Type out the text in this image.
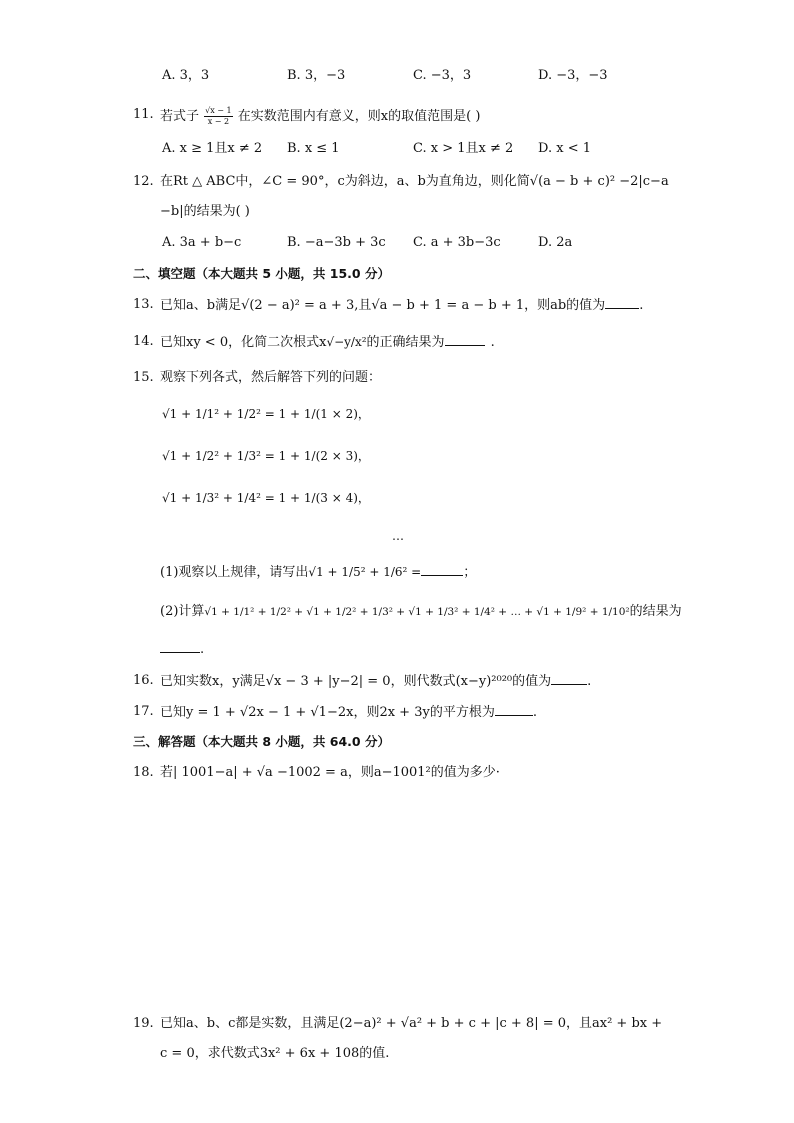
A. 3，3	B. 3，−3	C. −3，3	D. −3，−3
11. 若式子 $\frac{√x - 1}{x - 2}$ 在实数范围内有意义，则x的取值范围是( )
A. x ≥ 1且x ≠ 2 B. x ≤ 1	C. x > 1且x ≠ 2 D. x < 1
12. 在Rt △ ABC中，∠C = 90°，c为斜边，a、b为直角边，则化简√(a − b + c)² −2|c−a
−b|的结果为( )
A. 3a + b−c	B. −a−3b + 3c C. a + 3b−3c	D. 2a
二、填空题（本大题共 5 小题，共 15.0 分）
13. 已知a、b满足√(2 − a)² = a + 3,且√a − b + 1 = a − b + 1，则ab的值为	.
14. 已知xy < 0，化简二次根式x√−y/x²的正确结果为	.
15. 观察下列各式，然后解答下列的问题：
√1 + 1/1² + 1/2² = 1 + 1/(1 × 2)，
√1 + 1/2² + 1/3² = 1 + 1/(2 × 3)，
√1 + 1/3² + 1/4² = 1 + 1/(3 × 4)，
…
(1)观察以上规律，请写出√1 + 1/5² + 1/6² =	；
(2)计算√1 + 1/1² + 1/2² + √1 + 1/2² + 1/3² + √1 + 1/3² + 1/4² + … + √1 + 1/9² + 1/10²的结果为
.
16. 已知实数x，y满足√x − 3 + |y−2| = 0，则代数式(x−y)²⁰²⁰的值为	.
17. 已知y = 1 + √2x − 1 + √1−2x，则2x + 3y的平方根为	.
三、解答题（本大题共 8 小题，共 64.0 分）
18. 若| 1001−a| + √a −1002 = a，则a−1001²的值为多少·
19. 已知a、b、c都是实数，且满足(2−a)² + √a² + b + c + |c + 8| = 0，且ax² + bx +
c = 0，求代数式3x² + 6x + 108的值.
